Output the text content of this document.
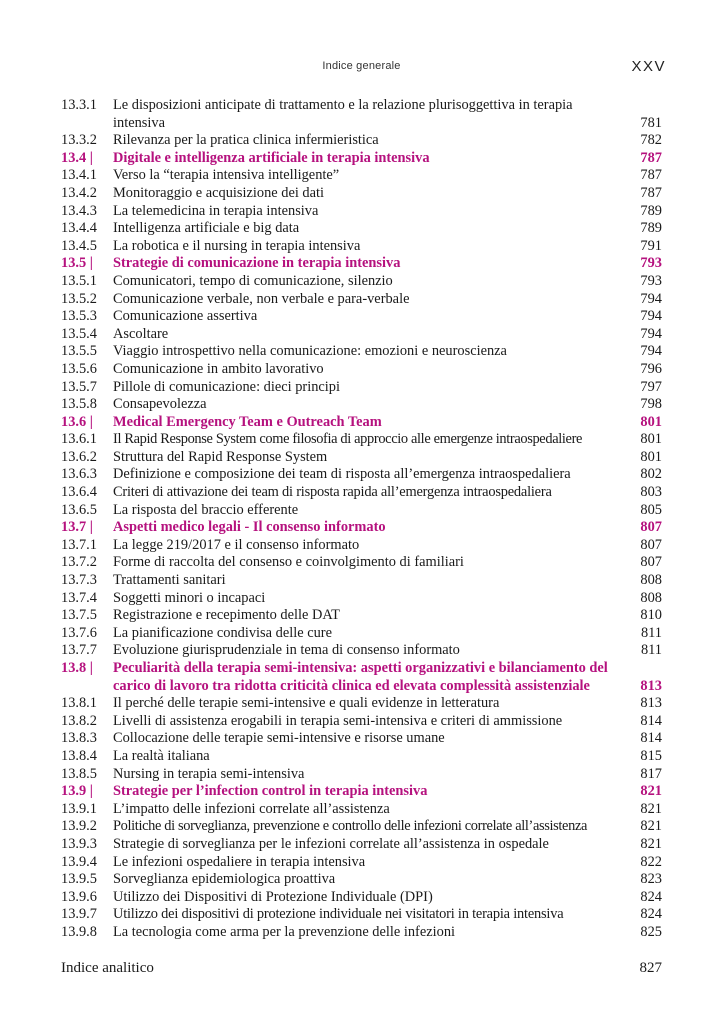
Indice generale	XXV
13.3.1	Le disposizioni anticipate di trattamento e la relazione plurisoggettiva in terapia intensiva	781
13.3.2	Rilevanza per la pratica clinica infermieristica	782
13.4 |	Digitale e intelligenza artificiale in terapia intensiva	787
13.4.1	Verso la “terapia intensiva intelligente”	787
13.4.2	Monitoraggio e acquisizione dei dati	787
13.4.3	La telemedicina in terapia intensiva	789
13.4.4	Intelligenza artificiale e big data	789
13.4.5	La robotica e il nursing in terapia intensiva	791
13.5 |	Strategie di comunicazione in terapia intensiva	793
13.5.1	Comunicatori, tempo di comunicazione, silenzio	793
13.5.2	Comunicazione verbale, non verbale e para-verbale	794
13.5.3	Comunicazione assertiva	794
13.5.4	Ascoltare	794
13.5.5	Viaggio introspettivo nella comunicazione: emozioni e neuroscienza	794
13.5.6	Comunicazione in ambito lavorativo	796
13.5.7	Pillole di comunicazione: dieci principi	797
13.5.8	Consapevolezza	798
13.6 |	Medical Emergency Team e Outreach Team	801
13.6.1	Il Rapid Response System come filosofia di approccio alle emergenze intraospedaliere	801
13.6.2	Struttura del Rapid Response System	801
13.6.3	Definizione e composizione dei team di risposta all’emergenza intraospedaliera	802
13.6.4	Criteri di attivazione dei team di risposta rapida all’emergenza intraospedaliera	803
13.6.5	La risposta del braccio efferente	805
13.7 |	Aspetti medico legali - Il consenso informato	807
13.7.1	La legge 219/2017 e il consenso informato	807
13.7.2	Forme di raccolta del consenso e coinvolgimento di familiari	807
13.7.3	Trattamenti sanitari	808
13.7.4	Soggetti minori o incapaci	808
13.7.5	Registrazione e recepimento delle DAT	810
13.7.6	La pianificazione condivisa delle cure	811
13.7.7	Evoluzione giurisprudenziale in tema di consenso informato	811
13.8 |	Peculiarità della terapia semi-intensiva: aspetti organizzativi e bilanciamento del carico di lavoro tra ridotta criticità clinica ed elevata complessità assistenziale	813
13.8.1	Il perché delle terapie semi-intensive e quali evidenze in letteratura	813
13.8.2	Livelli di assistenza erogabili in terapia semi-intensiva e criteri di ammissione	814
13.8.3	Collocazione delle terapie semi-intensive e risorse umane	814
13.8.4	La realtà italiana	815
13.8.5	Nursing in terapia semi-intensiva	817
13.9 |	Strategie per l’infection control in terapia intensiva	821
13.9.1	L’impatto delle infezioni correlate all’assistenza	821
13.9.2	Politiche di sorveglianza, prevenzione e controllo delle infezioni correlate all’assistenza	821
13.9.3	Strategie di sorveglianza per le infezioni correlate all’assistenza in ospedale	821
13.9.4	Le infezioni ospedaliere in terapia intensiva	822
13.9.5	Sorveglianza epidemiologica proattiva	823
13.9.6	Utilizzo dei Dispositivi di Protezione Individuale (DPI)	824
13.9.7	Utilizzo dei dispositivi di protezione individuale nei visitatori in terapia intensiva	824
13.9.8	La tecnologia come arma per la prevenzione delle infezioni	825
Indice analitico	827
